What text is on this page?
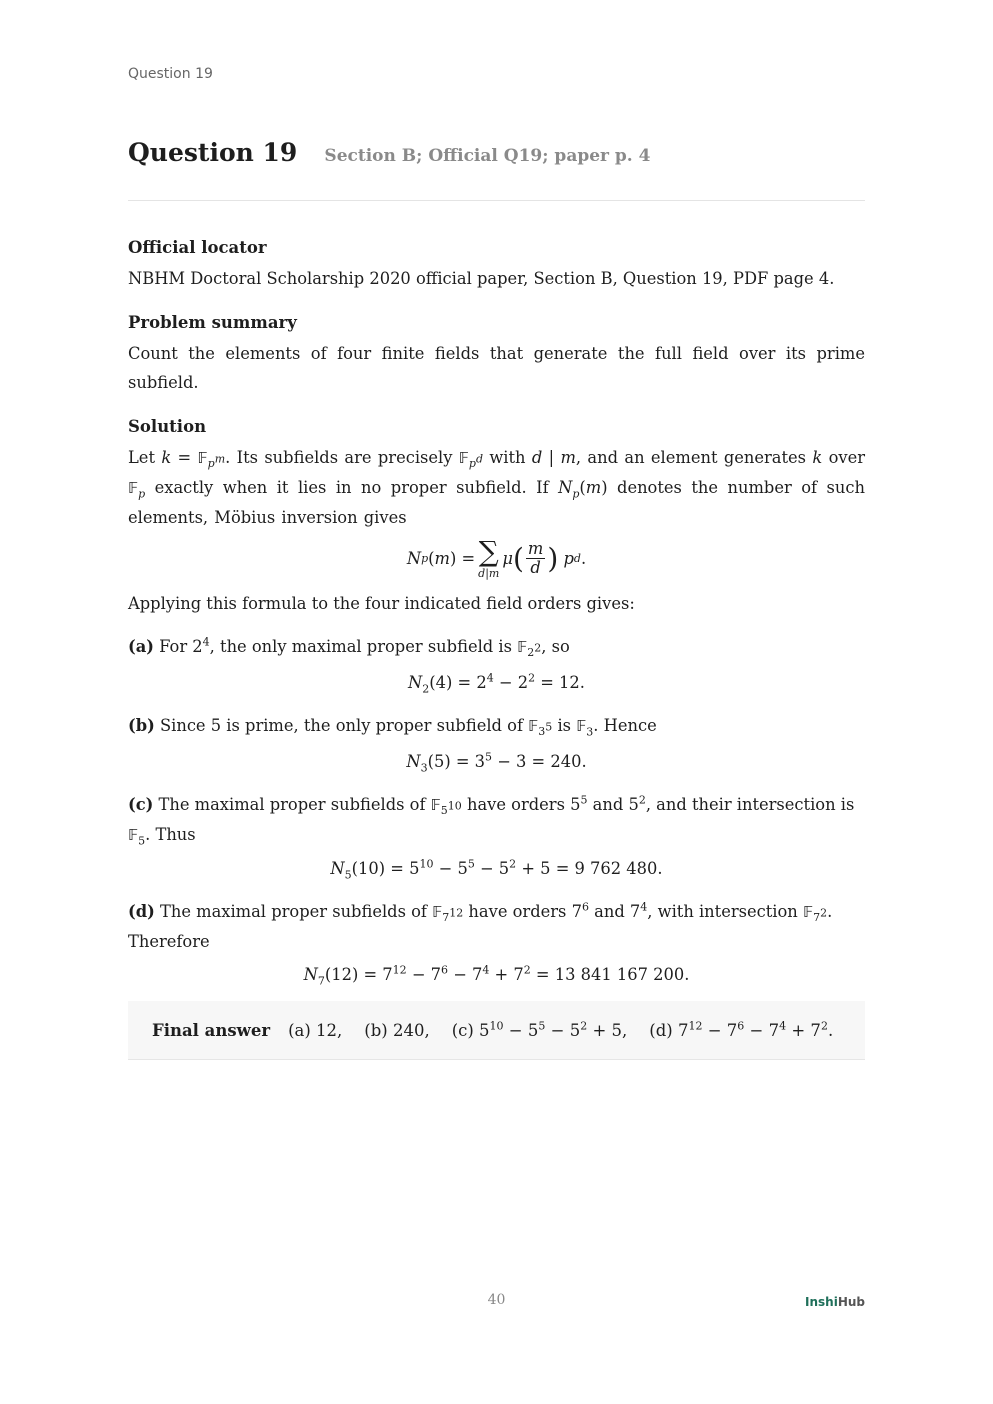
Question 19
Question 19 Section B; Official Q19; paper p. 4
Official locator
NBHM Doctoral Scholarship 2020 official paper, Section B, Question 19, PDF page 4.
Problem summary
Count the elements of four finite fields that generate the full field over its prime subfield.
Solution
Let k = 𝔽$_{p^m}$. Its subfields are precisely 𝔽$_{p^d}$ with d | m, and an element generates k over 𝔽$_p$ exactly when it lies in no proper subfield. If $N_p(m)$ denotes the number of such elements, Möbius inversion gives
N p ( m ) = ∑
d|m
μ ( $\frac{m}{d}$ )
p d .
Applying this formula to the four indicated field orders gives:
(a) For $2^4$, the only maximal proper subfield is 𝔽$_{2^2}$, so
$N_2(4) = 2^4 - 2^2 = 12$.
(b) Since 5 is prime, the only proper subfield of 𝔽$_{3^5}$ is 𝔽$_3$. Hence
$N_3(5) = 3^5 - 3 = 240$.
(c) The maximal proper subfields of 𝔽$_{5^{10}}$ have orders $5^5$ and $5^2$, and their intersection is 𝔽$_5$. Thus
$N_5(10) = 5^{10} - 5^5 - 5^2 + 5 = 9$ 762 480.
(d) The maximal proper subfields of 𝔽$_{7^{12}}$ have orders $7^6$ and $7^4$, with intersection 𝔽$_{7^2}$. Therefore
$N_7(12) = 7^{12} - 7^6 - 7^4 + 7^2 = 13$ 841 167 200.
Final answer (a) 12, (b) 240, (c) $5^{10} - 5^5 - 5^2 + 5$, (d) $7^{12} - 7^6 - 7^4 + 7^2$.
40	InshiHub
